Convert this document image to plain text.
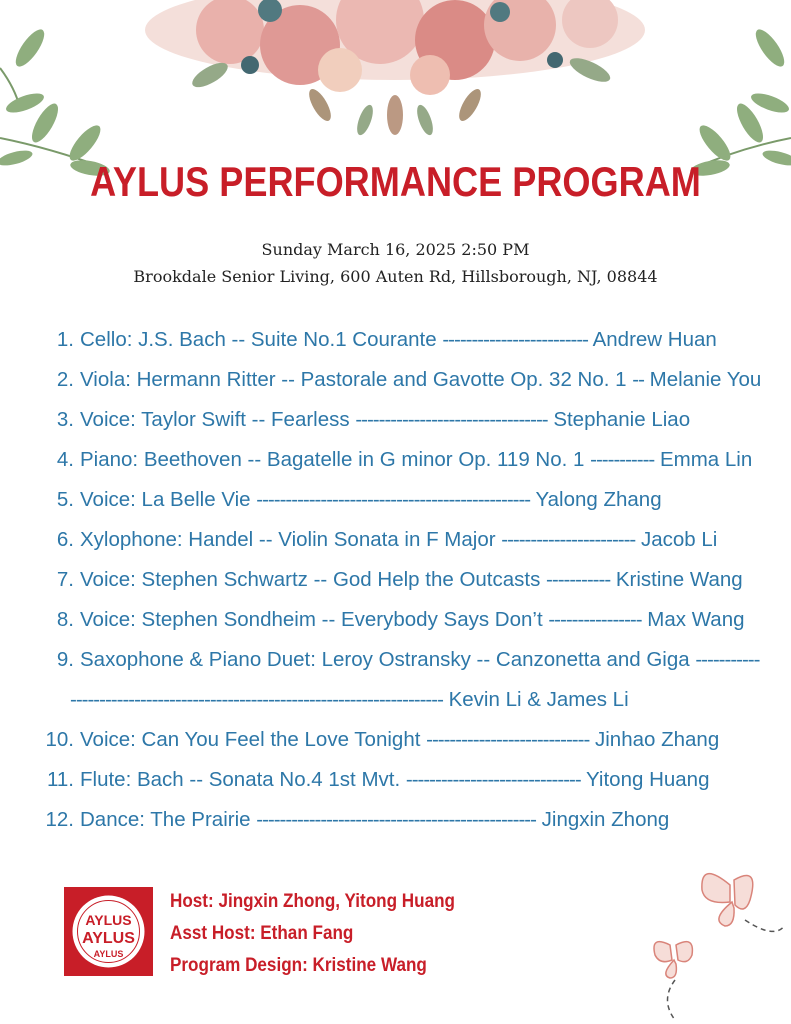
AYLUS PERFORMANCE PROGRAM
Sunday March 16, 2025 2:50 PM
Brookdale Senior Living, 600 Auten Rd, Hillsborough, NJ, 08844
1. Cello: J.S. Bach -- Suite No.1 Courante ------------------------- Andrew Huan
2. Viola: Hermann Ritter -- Pastorale and Gavotte Op. 32 No. 1 -- Melanie You
3. Voice: Taylor Swift -- Fearless --------------------------------- Stephanie Liao
4. Piano: Beethoven -- Bagatelle in G minor Op. 119 No. 1 ----------- Emma Lin
5. Voice: La Belle Vie ----------------------------------------------- Yalong Zhang
6. Xylophone: Handel -- Violin Sonata in F Major ----------------------- Jacob Li
7. Voice: Stephen Schwartz -- God Help the Outcasts ----------- Kristine Wang
8. Voice: Stephen Sondheim -- Everybody Says Don’t ---------------- Max Wang
9. Saxophone & Piano Duet: Leroy Ostransky -- Canzonetta and Giga -----------
---------------------------------------------------------------- Kevin Li & James Li
10. Voice: Can You Feel the Love Tonight ---------------------------- Jinhao Zhang
11. Flute: Bach -- Sonata No.4 1st Mvt. ------------------------------ Yitong Huang
12. Dance: The Prairie ------------------------------------------------ Jingxin Zhong
AYLUS
AYLUS
AYLUS
Host: Jingxin Zhong, Yitong Huang
Asst Host: Ethan Fang
Program Design: Kristine Wang
